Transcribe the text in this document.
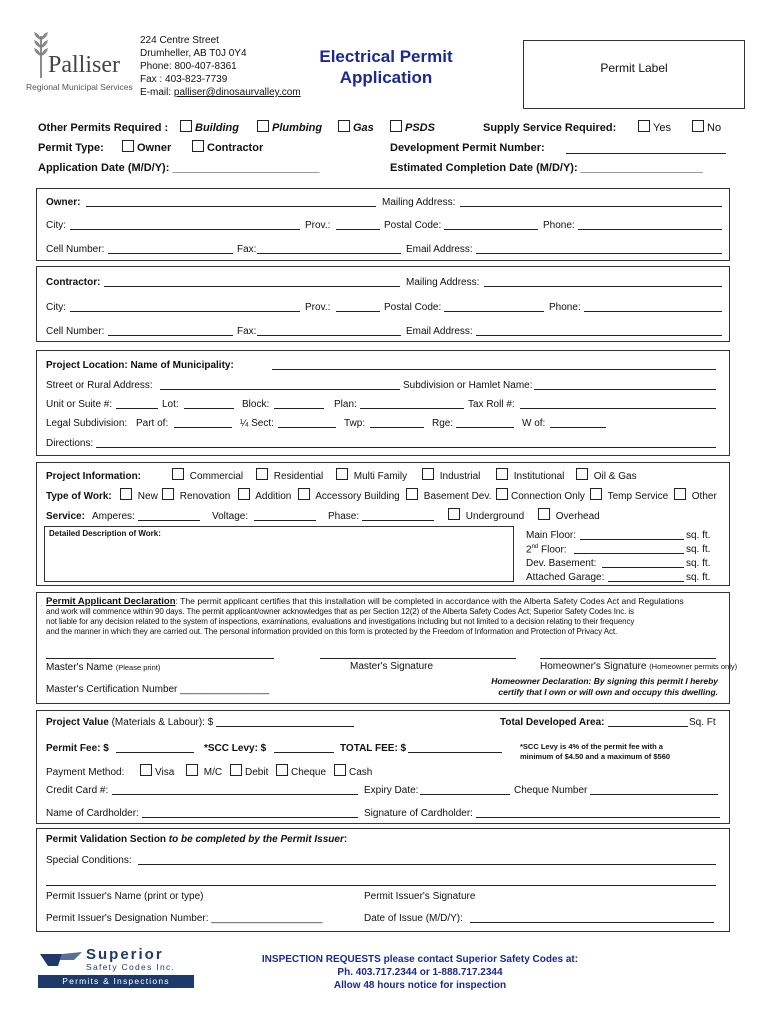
Palliser
Regional Municipal Services
224 Centre Street
Drumheller, AB T0J 0Y4
Phone: 800-407-8361
Fax : 403-823-7739
E-mail: palliser@dinosaurvalley.com
Electrical Permit
Application	Permit Label
Other Permits Required :	Building	Plumbing	Gas	PSDS	Supply Service Required:	Yes	No
Permit Type:	Owner	Contractor	Development Permit Number:
Application Date (M/D/Y): ________________________	Estimated Completion Date (M/D/Y): ____________________
Owner:	Mailing Address:
City:	Prov.:	Postal Code:	Phone:
Cell Number:	Fax:	Email Address:
Contractor:	Mailing Address:
City:	Prov.:	Postal Code:	Phone:
Cell Number:	Fax:	Email Address:
Project Location: Name of Municipality:
Street or Rural Address:	Subdivision or Hamlet Name:
Unit or Suite #:	Lot:	Block:	Plan:	Tax Roll #:
Legal Subdivision: Part of:	¼ Sect:	Twp:	Rge:	W of:
Directions:
Project Information:	Commercial	Residential	Multi Family	Industrial	Institutional	Oil & Gas
Type of Work:	New	Renovation	Addition	Accessory Building	Basement Dev.	Connection Only	Temp Service	Other
Service: Amperes:	Voltage:	Phase:	Underground	Overhead
Detailed Description of Work:	Main Floor:	sq. ft.
2nd Floor:	sq. ft.
Dev. Basement:	sq. ft.
Attached Garage:	sq. ft.
Permit Applicant Declaration: The permit applicant certifies that this installation will be completed in accordance with the Alberta Safety Codes Act and Regulations
and work will commence within 90 days. The permit applicant/owner acknowledges that as per Section 12(2) of the Alberta Safety Codes Act; Superior Safety Codes Inc. is
not liable for any decision related to the system of inspections, examinations, evaluations and investigations including but not limited to a decision relating to their frequency
and the manner in which they are carried out. The personal information provided on this form is protected by the Freedom of Information and Protection of Privacy Act.
Master's Name (Please print)	Master's Signature	Homeowner's Signature (Homeowner permits only)
Master's Certification Number ________________
Homeowner Declaration: By signing this permit I hereby
certify that I own or will own and occupy this dwelling.
Project Value (Materials & Labour): $	Total Developed Area:	Sq. Ft
Permit Fee: $	*SCC Levy: $	TOTAL FEE: $	*SCC Levy is 4% of the permit fee with a
minimum of $4.50 and a maximum of $560
Payment Method:	Visa	M/C	Debit	Cheque	Cash
Credit Card #:	Expiry Date:	Cheque Number
Name of Cardholder:	Signature of Cardholder:
Permit Validation Section to be completed by the Permit Issuer:
Special Conditions:
Permit Issuer's Name (print or type)	Permit Issuer's Signature
Permit Issuer's Designation Number: ____________________	Date of Issue (M/D/Y):
Superior
Safety Codes Inc.
Permits & Inspections
INSPECTION REQUESTS please contact Superior Safety Codes at:
Ph. 403.717.2344 or 1-888.717.2344
Allow 48 hours notice for inspection
